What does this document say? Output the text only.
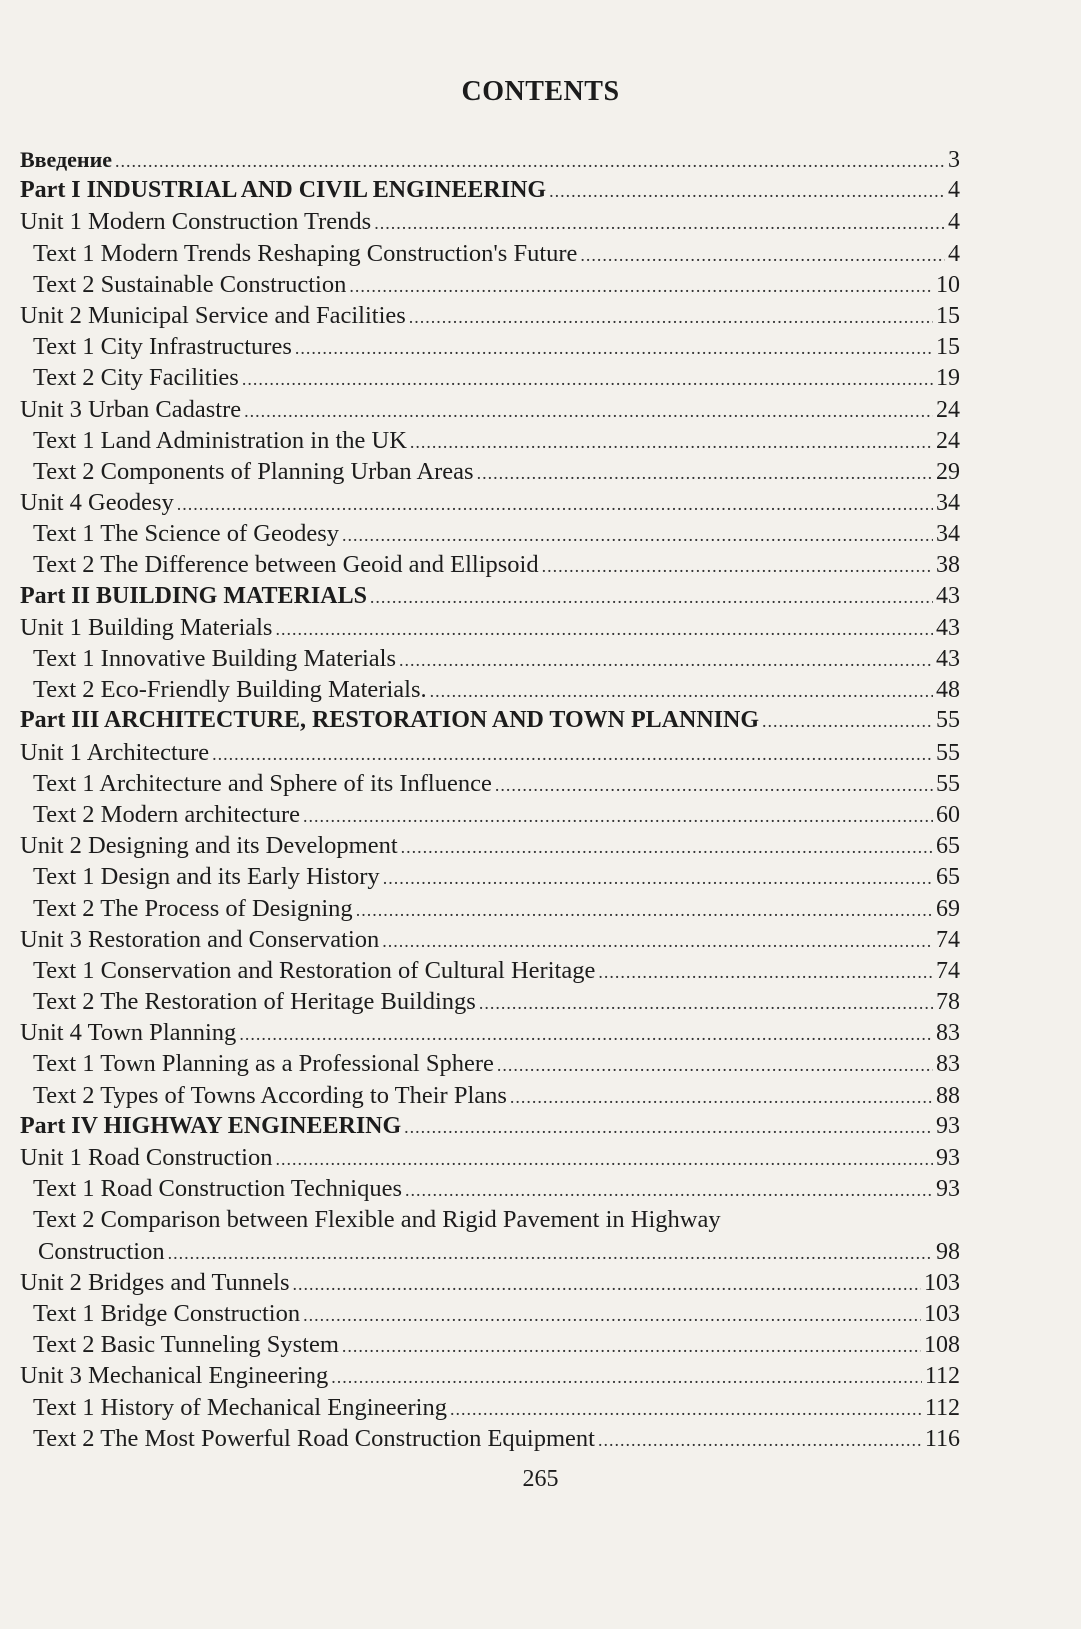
CONTENTS
Введение .....	3
Part I INDUSTRIAL AND CIVIL ENGINEERING .....	4
Unit 1 Modern Construction Trends .....	4
Text 1 Modern Trends Reshaping Construction's Future .....	4
Text 2 Sustainable Construction .....	10
Unit 2 Municipal Service and Facilities .....	15
Text 1 City Infrastructures .....	15
Text 2 City Facilities .....	19
Unit 3 Urban Cadastre .....	24
Text 1 Land Administration in the UK .....	24
Text 2 Components of Planning Urban Areas .....	29
Unit 4 Geodesy .....	34
Text 1 The Science of Geodesy .....	34
Text 2 The Difference between Geoid and Ellipsoid .....	38
Part II BUILDING MATERIALS .....	43
Unit 1 Building Materials .....	43
Text 1 Innovative Building Materials .....	43
Text 2 Eco-Friendly Building Materials. .....	48
Part III ARCHITECTURE, RESTORATION AND TOWN PLANNING .....	55
Unit 1 Architecture .....	55
Text 1 Architecture and Sphere of its Influence .....	55
Text 2 Modern architecture .....	60
Unit 2 Designing and its Development .....	65
Text 1 Design and its Early History .....	65
Text 2 The Process of Designing .....	69
Unit 3 Restoration and Conservation .....	74
Text 1 Conservation and Restoration of Cultural Heritage .....	74
Text 2 The Restoration of Heritage Buildings .....	78
Unit 4 Town Planning .....	83
Text 1 Town Planning as a Professional Sphere .....	83
Text 2 Types of Towns According to Their Plans .....	88
Part IV HIGHWAY ENGINEERING .....	93
Unit 1 Road Construction .....	93
Text 1 Road Construction Techniques .....	93
Text 2 Comparison between Flexible and Rigid Pavement in Highway
Construction .....	98
Unit 2 Bridges and Tunnels .....	103
Text 1 Bridge Construction .....	103
Text 2 Basic Tunneling System .....	108
Unit 3 Mechanical Engineering .....	112
Text 1 History of Mechanical Engineering .....	112
Text 2 The Most Powerful Road Construction Equipment .....	116
265
